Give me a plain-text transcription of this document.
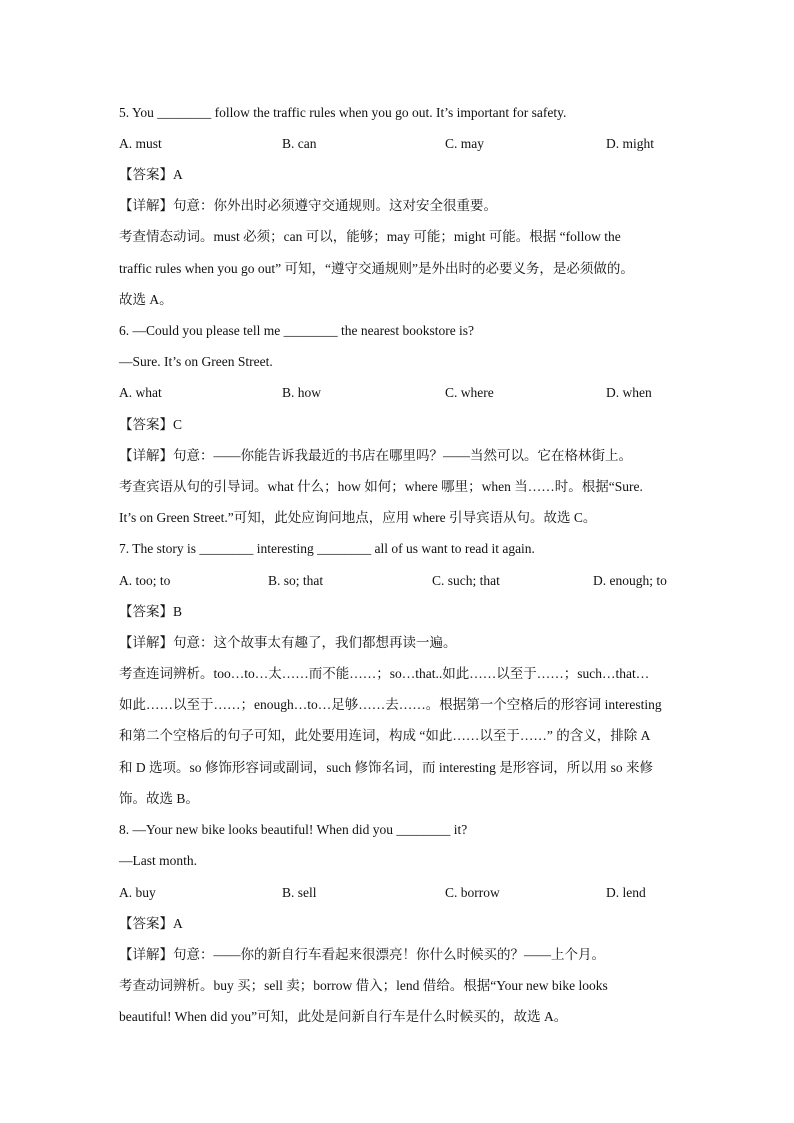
5. You ________ follow the traffic rules when you go out. It’s important for safety.
A. must	B. can	C. may	D. might
【答案】A
【详解】句意：你外出时必须遵守交通规则。这对安全很重要。
考查情态动词。must 必须；can 可以，能够；may 可能；might 可能。根据 “follow the
traffic rules when you go out” 可知，“遵守交通规则”是外出时的必要义务，是必须做的。
故选 A。
6. —Could you please tell me ________ the nearest bookstore is?
—Sure. It’s on Green Street.
A. what	B. how	C. where	D. when
【答案】C
【详解】句意：——你能告诉我最近的书店在哪里吗？——当然可以。它在格林街上。
考查宾语从句的引导词。what 什么；how 如何；where 哪里；when 当……时。根据“Sure.
It’s on Green Street.”可知，此处应询问地点，应用 where 引导宾语从句。故选 C。
7. The story is ________ interesting ________ all of us want to read it again.
A. too; to	B. so; that	C. such; that	D. enough; to
【答案】B
【详解】句意：这个故事太有趣了，我们都想再读一遍。
考查连词辨析。too…to…太……而不能……；so…that..如此……以至于……；such…that…
如此……以至于……；enough…to…足够……去……。根据第一个空格后的形容词 interesting
和第二个空格后的句子可知，此处要用连词，构成 “如此……以至于……” 的含义，排除 A
和 D 选项。so 修饰形容词或副词，such 修饰名词，而 interesting 是形容词，所以用 so 来修
饰。故选 B。
8. —Your new bike looks beautiful! When did you ________ it?
—Last month.
A. buy	B. sell	C. borrow	D. lend
【答案】A
【详解】句意：——你的新自行车看起来很漂亮！你什么时候买的？——上个月。
考查动词辨析。buy 买；sell 卖；borrow 借入；lend 借给。根据“Your new bike looks
beautiful! When did you”可知，此处是问新自行车是什么时候买的，故选 A。
